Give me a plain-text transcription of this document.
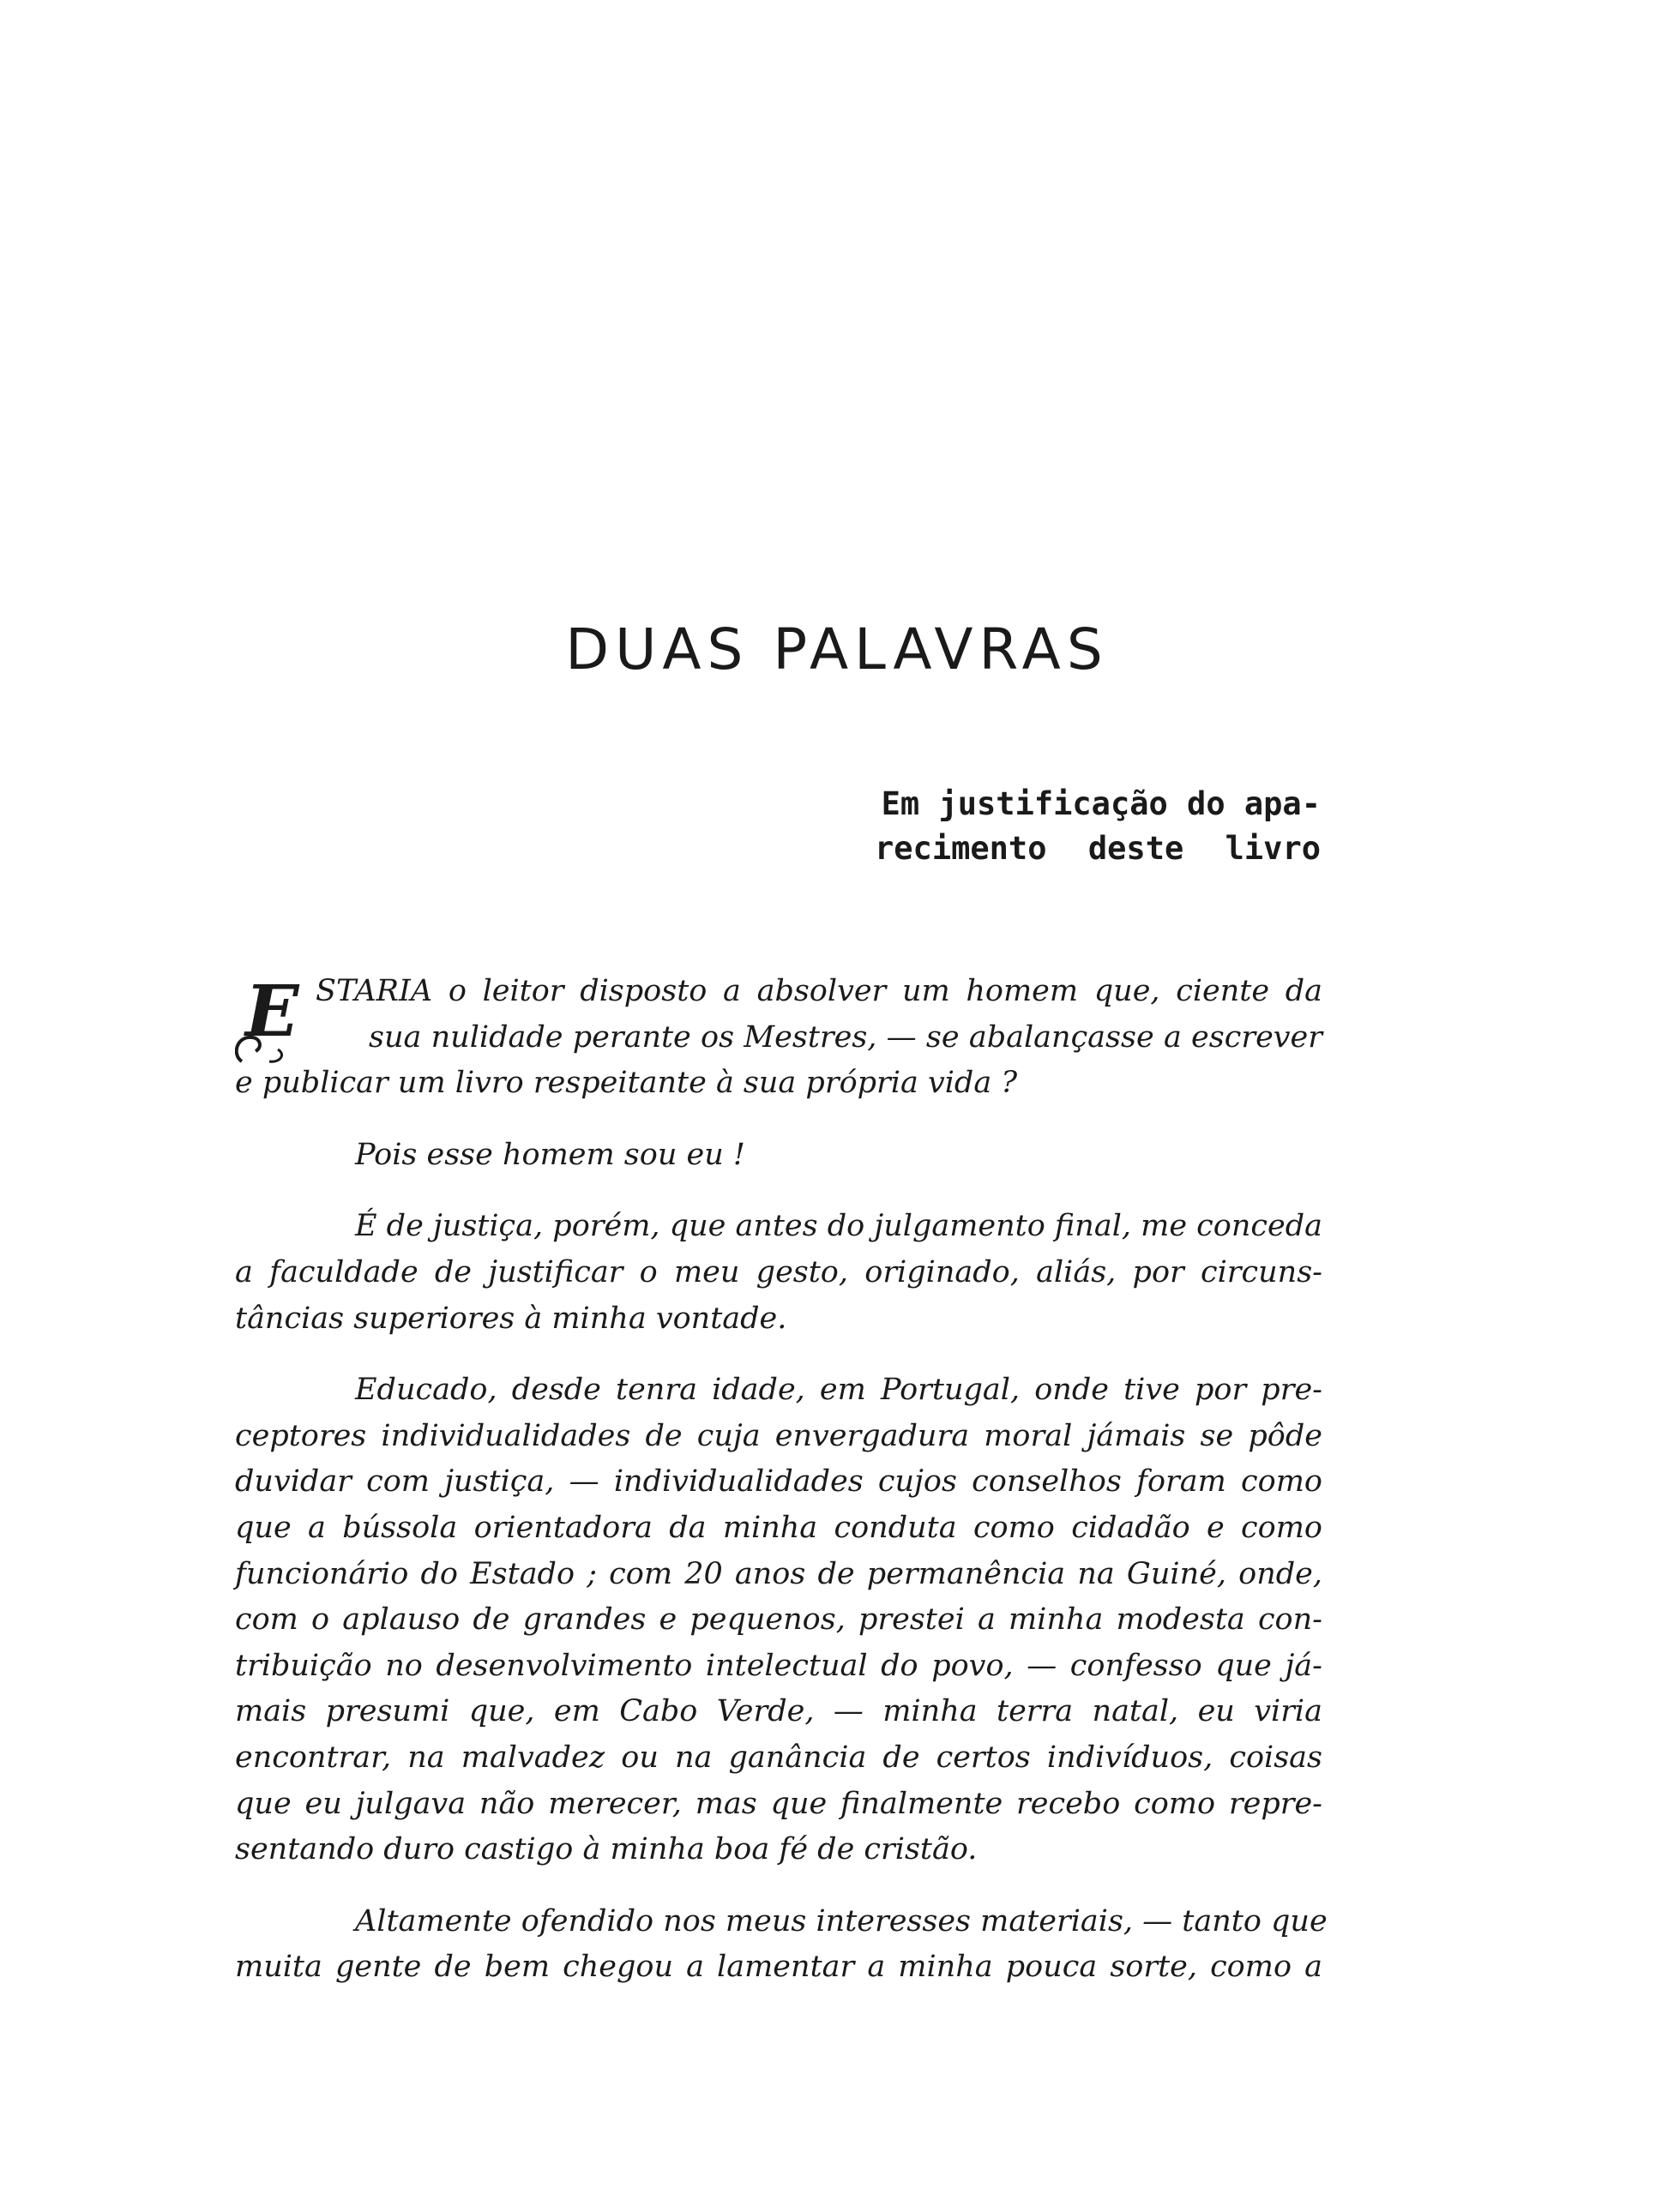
DUAS PALAVRAS
Em justificação do apa-
recimento deste livro
E STARIA o leitor disposto a absolver um homem que, ciente da
sua nulidade perante os Mestres, — se abalançasse a escrever
e publicar um livro respeitante à sua própria vida ?
Pois esse homem sou eu !
É de justiça, porém, que antes do julgamento final, me conceda
a faculdade de justificar o meu gesto, originado, aliás, por circuns-
tâncias superiores à minha vontade.
Educado, desde tenra idade, em Portugal, onde tive por pre-
ceptores individualidades de cuja envergadura moral jámais se pôde
duvidar com justiça, — individualidades cujos conselhos foram como
que a bússola orientadora da minha conduta como cidadão e como
funcionário do Estado ; com 20 anos de permanência na Guiné, onde,
com o aplauso de grandes e pequenos, prestei a minha modesta con-
tribuição no desenvolvimento intelectual do povo, — confesso que já-
mais presumi que, em Cabo Verde, — minha terra natal, eu viria
encontrar, na malvadez ou na ganância de certos indivíduos, coisas
que eu julgava não merecer, mas que finalmente recebo como repre-
sentando duro castigo à minha boa fé de cristão.
Altamente ofendido nos meus interesses materiais, — tanto que
muita gente de bem chegou a lamentar a minha pouca sorte, como a
